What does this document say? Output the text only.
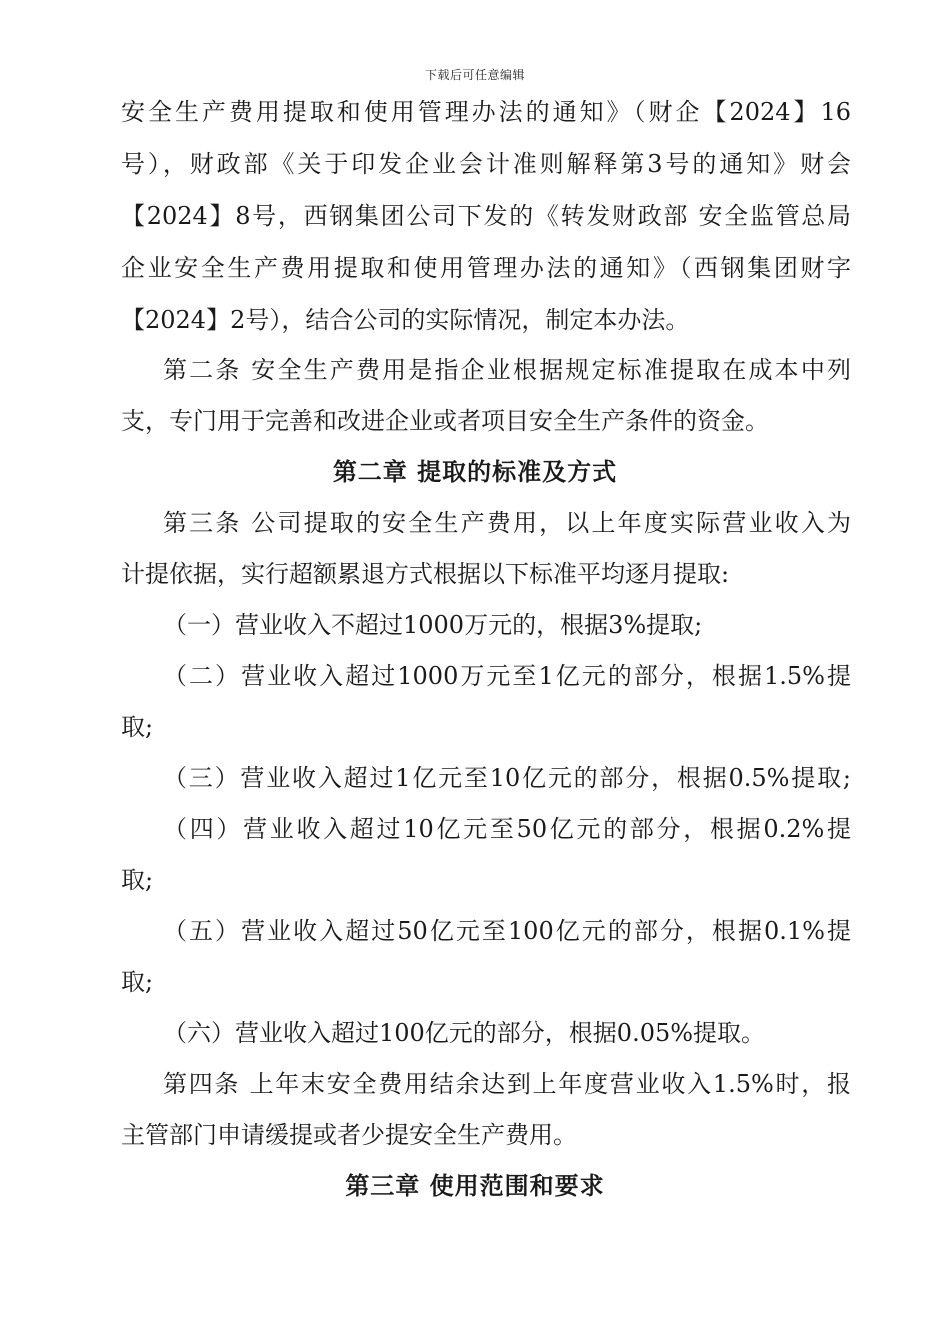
下载后可任意编辑
安全生产费用提取和使用管理办法的通知》（财企【2024】16
号），财政部《关于印发企业会计准则解释第3号的通知》财会
【2024】8号，西钢集团公司下发的《转发财政部 安全监管总局
企业安全生产费用提取和使用管理办法的通知》（西钢集团财字
【2024】2号），结合公司的实际情况，制定本办法。
第二条 安全生产费用是指企业根据规定标准提取在成本中列
支，专门用于完善和改进企业或者项目安全生产条件的资金。
第二章 提取的标准及方式
第三条 公司提取的安全生产费用，以上年度实际营业收入为
计提依据，实行超额累退方式根据以下标准平均逐月提取:
（一）营业收入不超过1000万元的，根据3%提取;
（二）营业收入超过1000万元至1亿元的部分，根据1.5%提
取;
（三）营业收入超过1亿元至10亿元的部分，根据0.5%提取;
（四）营业收入超过10亿元至50亿元的部分，根据0.2%提
取;
（五）营业收入超过50亿元至100亿元的部分，根据0.1%提
取;
（六）营业收入超过100亿元的部分，根据0.05%提取。
第四条 上年末安全费用结余达到上年度营业收入1.5%时，报
主管部门申请缓提或者少提安全生产费用。
第三章 使用范围和要求
